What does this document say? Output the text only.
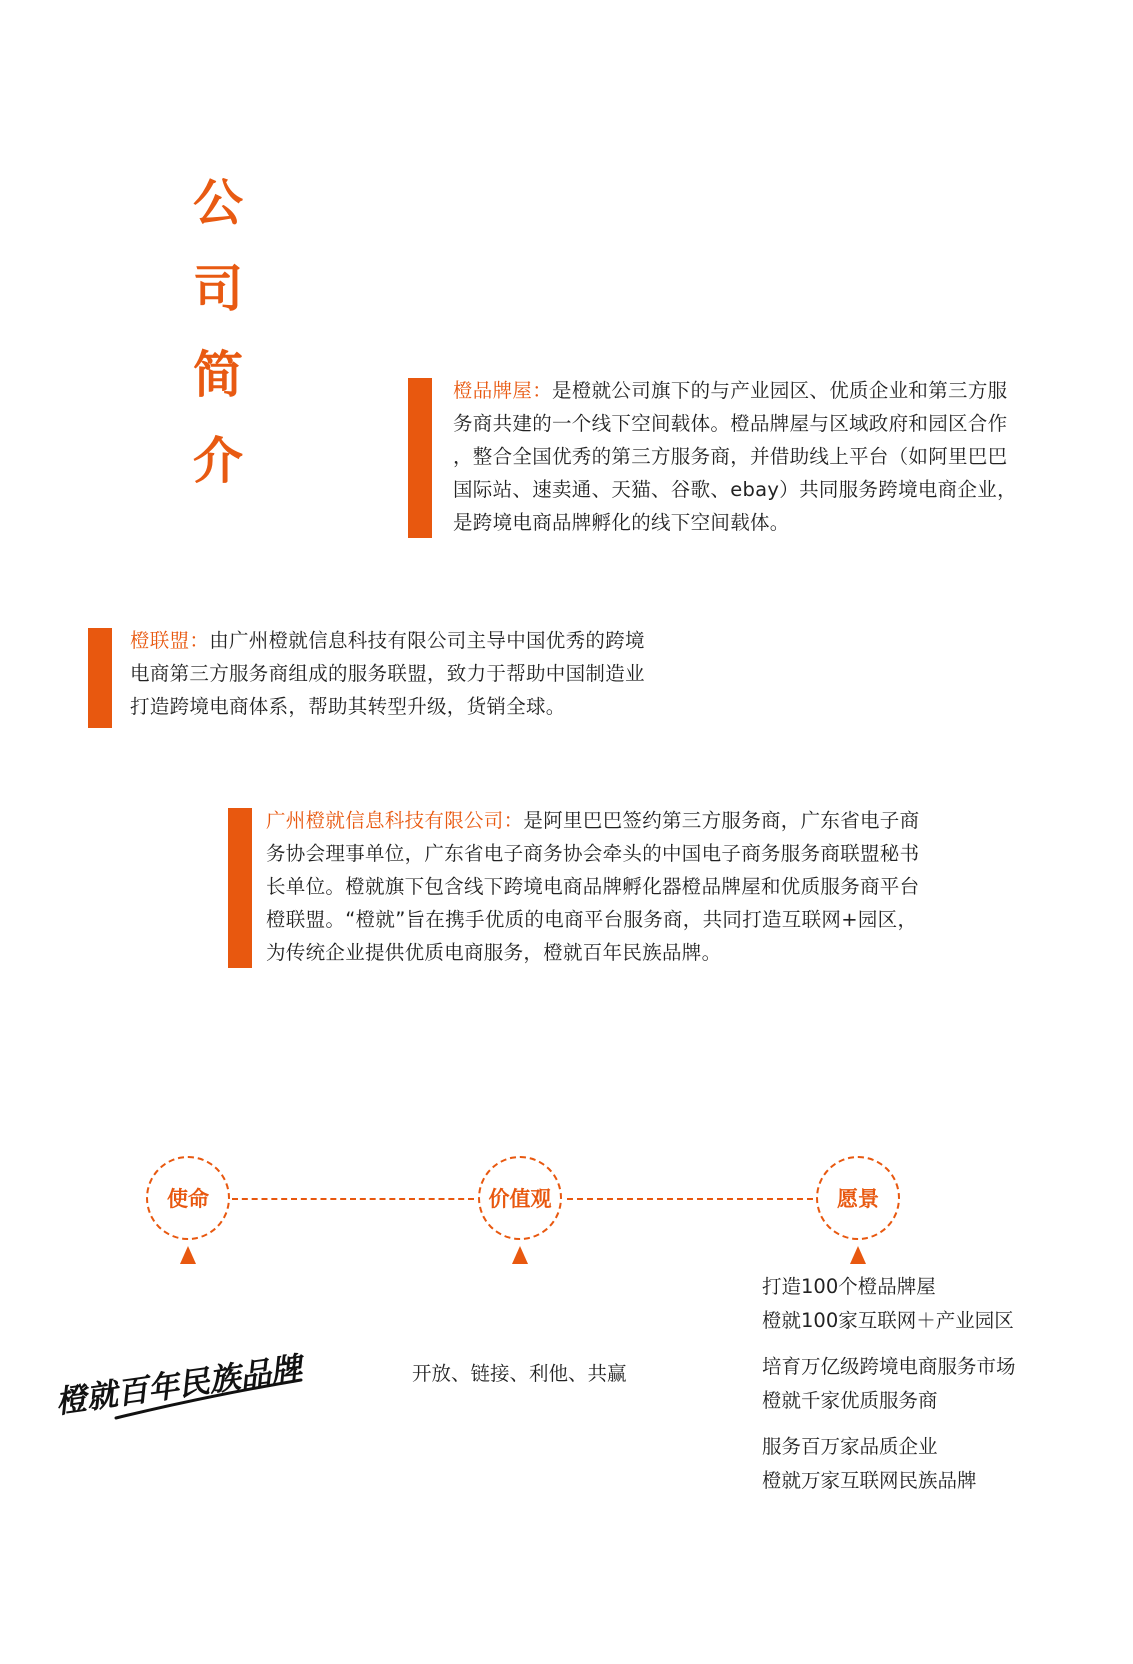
公
司
简
介

橙品牌屋：是橙就公司旗下的与产业园区、优质企业和第三方服
务商共建的一个线下空间载体。橙品牌屋与区域政府和园区合作
，整合全国优秀的第三方服务商，并借助线上平台（如阿里巴巴
国际站、速卖通、天猫、谷歌、ebay）共同服务跨境电商企业，
是跨境电商品牌孵化的线下空间载体。

橙联盟：由广州橙就信息科技有限公司主导中国优秀的跨境
电商第三方服务商组成的服务联盟，致力于帮助中国制造业
打造跨境电商体系，帮助其转型升级，货销全球。

广州橙就信息科技有限公司：是阿里巴巴签约第三方服务商，广东省电子商
务协会理事单位，广东省电子商务协会牵头的中国电子商务服务商联盟秘书
长单位。橙就旗下包含线下跨境电商品牌孵化器橙品牌屋和优质服务商平台
橙联盟。“橙就”旨在携手优质的电商平台服务商，共同打造互联网+园区，
为传统企业提供优质电商服务，橙就百年民族品牌。

使命	价值观	愿景
橙就百年民族品牌	开放、链接、利他、共赢

打造100个橙品牌屋

橙就100家互联网＋产业园区

培育万亿级跨境电商服务市场

橙就千家优质服务商

服务百万家品质企业

橙就万家互联网民族品牌
